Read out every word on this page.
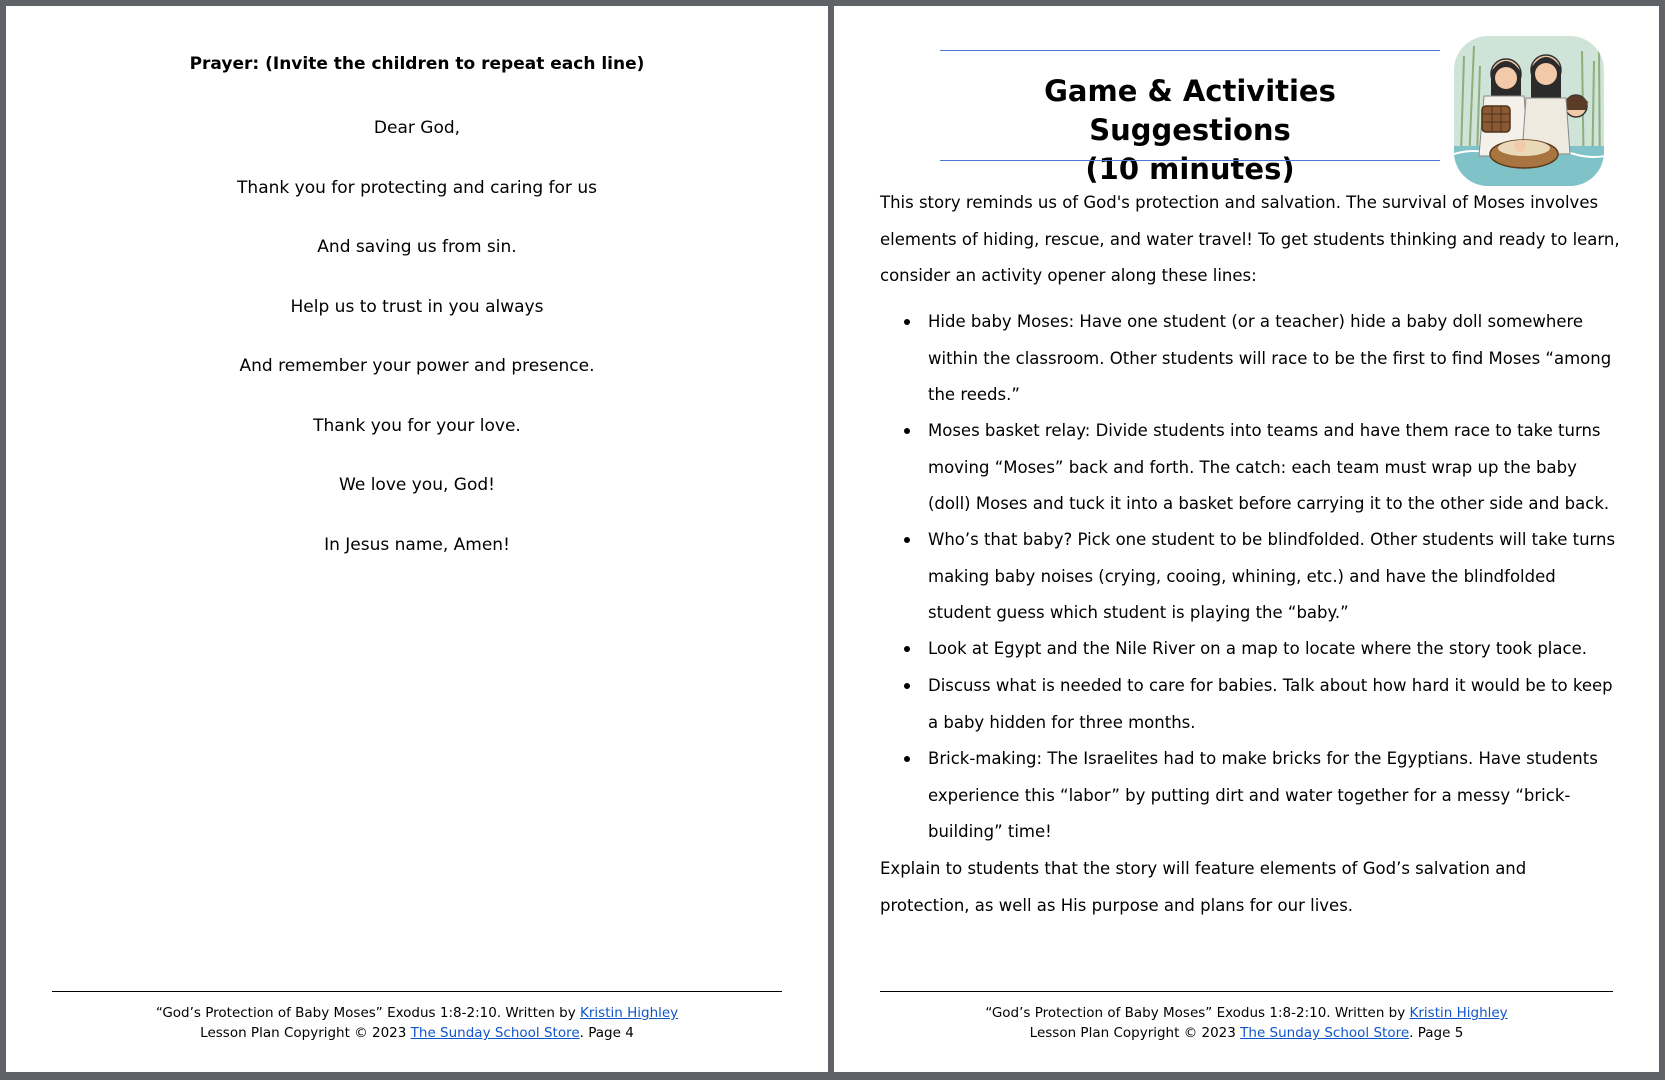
Prayer: (Invite the children to repeat each line)
Dear God,
Thank you for protecting and caring for us
And saving us from sin.
Help us to trust in you always
And remember your power and presence.
Thank you for your love.
We love you, God!
In Jesus name, Amen!
“God’s Protection of Baby Moses” Exodus 1:8-2:10. Written by Kristin Highley
Lesson Plan Copyright © 2023 The Sunday School Store. Page 4
Game & Activities Suggestions
(10 minutes)
This story reminds us of God's protection and salvation. The survival of Moses involves elements of hiding, rescue, and water travel! To get students thinking and ready to learn, consider an activity opener along these lines:
Hide baby Moses: Have one student (or a teacher) hide a baby doll somewhere within the classroom. Other students will race to be the first to find Moses “among the reeds.”
Moses basket relay: Divide students into teams and have them race to take turns moving “Moses” back and forth. The catch: each team must wrap up the baby (doll) Moses and tuck it into a basket before carrying it to the other side and back.
Who’s that baby? Pick one student to be blindfolded. Other students will take turns making baby noises (crying, cooing, whining, etc.) and have the blindfolded student guess which student is playing the “baby.”
Look at Egypt and the Nile River on a map to locate where the story took place.
Discuss what is needed to care for babies. Talk about how hard it would be to keep a baby hidden for three months.
Brick-making: The Israelites had to make bricks for the Egyptians. Have students experience this “labor” by putting dirt and water together for a messy “brick-building” time!
Explain to students that the story will feature elements of God’s salvation and protection, as well as His purpose and plans for our lives.
“God’s Protection of Baby Moses” Exodus 1:8-2:10. Written by Kristin Highley
Lesson Plan Copyright © 2023 The Sunday School Store. Page 5
